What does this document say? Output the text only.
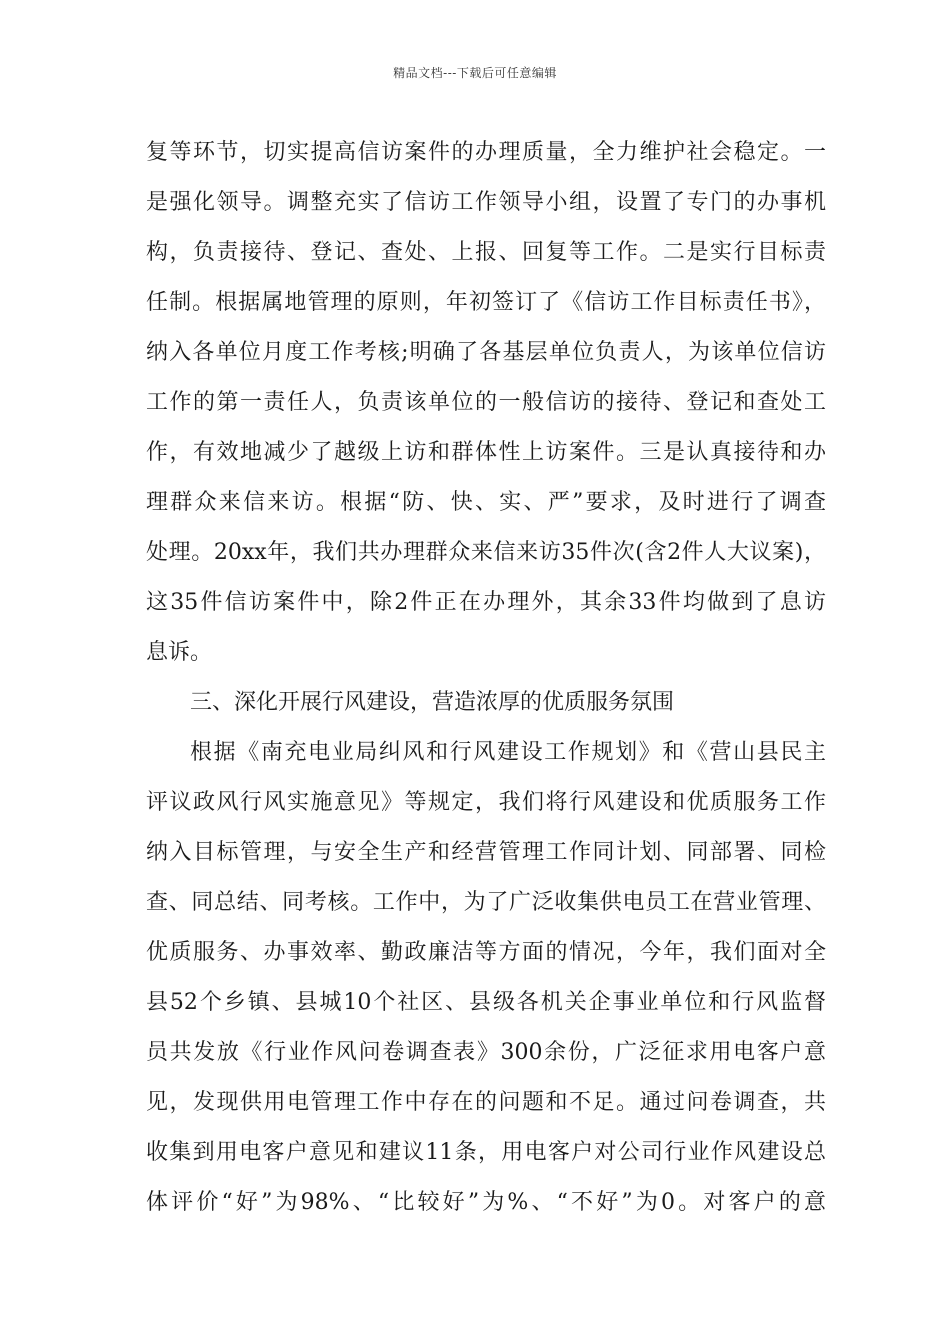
精品文档---下载后可任意编辑
复等环节，切实提高信访案件的办理质量，全力维护社会稳定。一
是强化领导。调整充实了信访工作领导小组，设置了专门的办事机
构，负责接待、登记、查处、上报、回复等工作。二是实行目标责
任制。根据属地管理的原则，年初签订了《信访工作目标责任书》，
纳入各单位月度工作考核;明确了各基层单位负责人，为该单位信访
工作的第一责任人，负责该单位的一般信访的接待、登记和查处工
作，有效地减少了越级上访和群体性上访案件。三是认真接待和办
理群众来信来访。根据“防、快、实、严”要求，及时进行了调查
处理。20xx年，我们共办理群众来信来访35件次(含2件人大议案)，
这35件信访案件中，除2件正在办理外，其余33件均做到了息访
息诉。
三、深化开展行风建设，营造浓厚的优质服务氛围
根据《南充电业局纠风和行风建设工作规划》和《营山县民主
评议政风行风实施意见》等规定，我们将行风建设和优质服务工作
纳入目标管理，与安全生产和经营管理工作同计划、同部署、同检
查、同总结、同考核。工作中，为了广泛收集供电员工在营业管理、
优质服务、办事效率、勤政廉洁等方面的情况，今年，我们面对全
县52个乡镇、县城10个社区、县级各机关企事业单位和行风监督
员共发放《行业作风问卷调查表》300余份，广泛征求用电客户意
见，发现供用电管理工作中存在的问题和不足。通过问卷调查，共
收集到用电客户意见和建议11条，用电客户对公司行业作风建设总
体评价“好”为98%、“比较好”为%、“不好”为0。对客户的意
